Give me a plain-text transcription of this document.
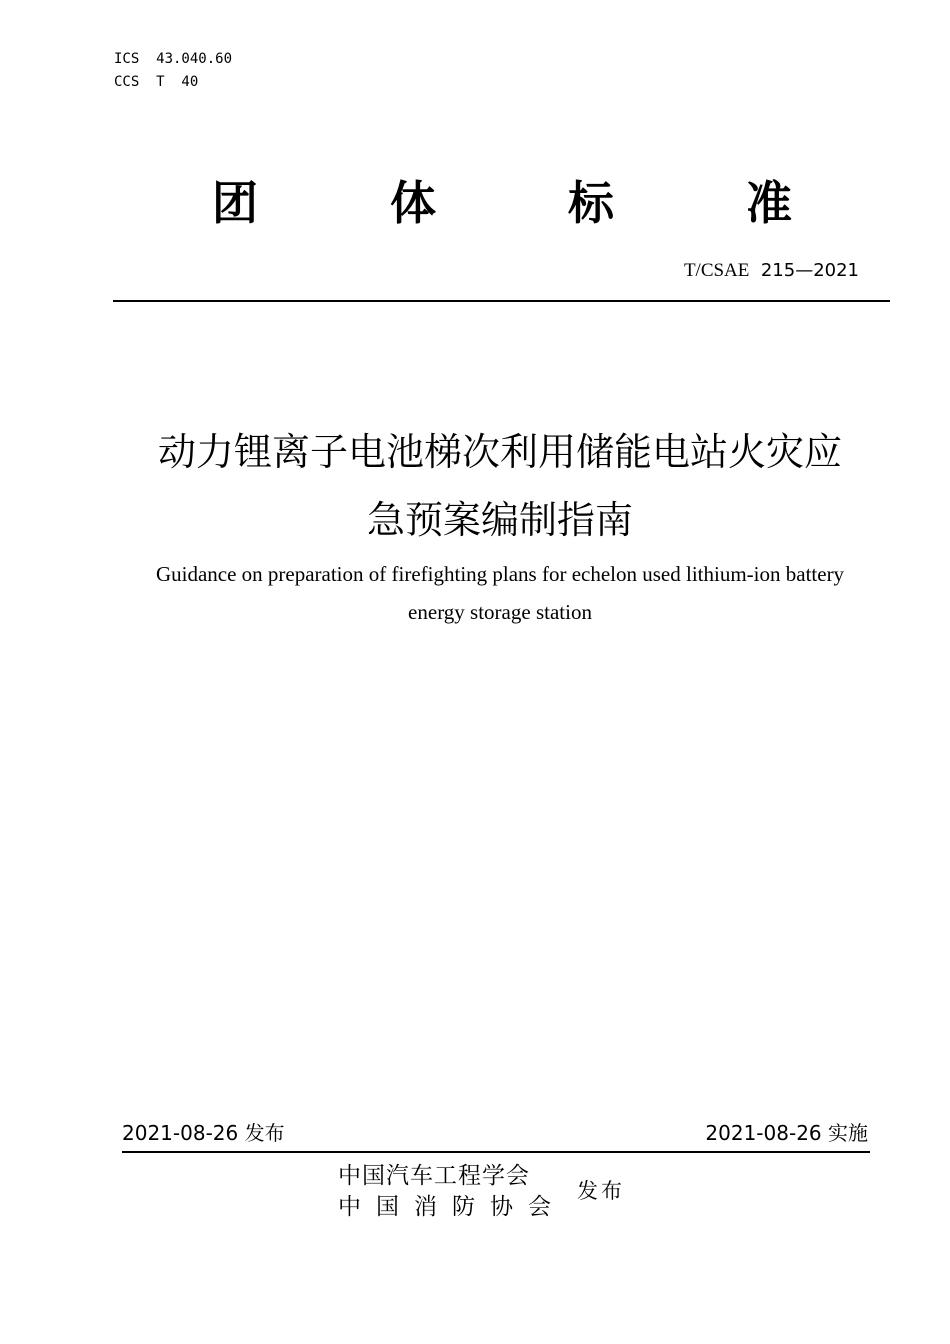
ICS  43.040.60
CCS  T  40
团	体	标	准
T/CSAE  215—2021
动力锂离子电池梯次利用储能电站火灾应
急预案编制指南
Guidance on preparation of firefighting plans for echelon used lithium-ion battery
energy storage station
2021-08-26 发布	2021-08-26 实施
中国汽车工程学会
中 国 消 防 协 会
发布
